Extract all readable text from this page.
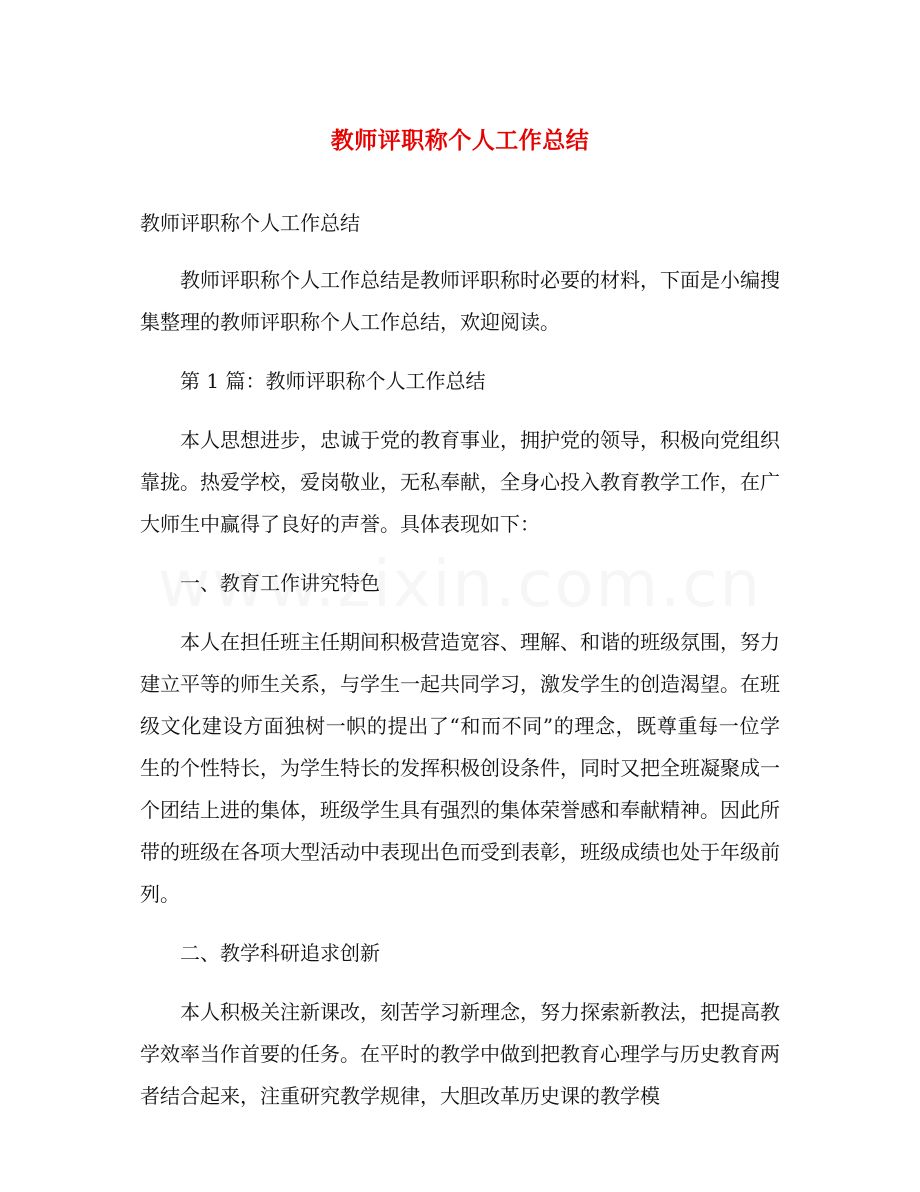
教师评职称个人工作总结

教师评职称个人工作总结

教师评职称个人工作总结是教师评职称时必要的材料，下面是小编搜集整理的教师评职称个人工作总结，欢迎阅读。

第 1 篇：教师评职称个人工作总结

本人思想进步，忠诚于党的教育事业，拥护党的领导，积极向党组织靠拢。热爱学校，爱岗敬业，无私奉献，全身心投入教育教学工作，在广大师生中赢得了良好的声誉。具体表现如下：

一、教育工作讲究特色

本人在担任班主任期间积极营造宽容、理解、和谐的班级氛围，努力建立平等的师生关系，与学生一起共同学习，激发学生的创造渴望。在班级文化建设方面独树一帜的提出了“和而不同”的理念，既尊重每一位学生的个性特长，为学生特长的发挥积极创设条件，同时又把全班凝聚成一个团结上进的集体，班级学生具有强烈的集体荣誉感和奉献精神。因此所带的班级在各项大型活动中表现出色而受到表彰，班级成绩也处于年级前列。

二、教学科研追求创新

本人积极关注新课改，刻苦学习新理念，努力探索新教法，把提高教学效率当作首要的任务。在平时的教学中做到把教育心理学与历史教育两者结合起来，注重研究教学规律，大胆改革历史课的教学模
